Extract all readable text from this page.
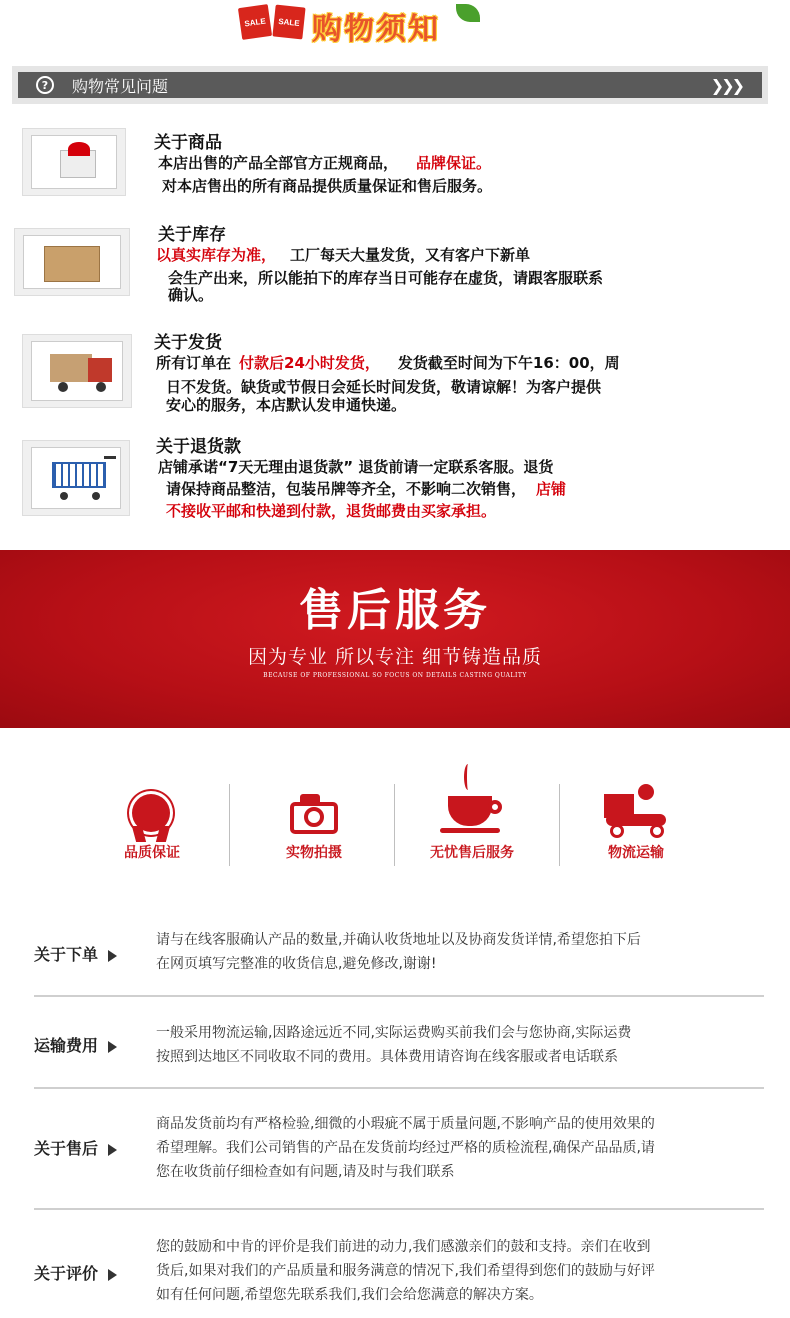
SALE	SALE 购物须知
?	购物常见问题	❯❯❯
关于商品
本店出售的产品全部官方正规商品， 品牌保证。
对本店售出的所有商品提供质量保证和售后服务。
关于库存
以真实库存为准， 工厂每天大量发货，又有客户下新单
会生产出来，所以能拍下的库存当日可能存在虚货，请跟客服联系
确认。
关于发货
所有订单在 付款后24小时发货， 发货截至时间为下午16：00，周
日不发货。缺货或节假日会延长时间发货，敬请谅解！为客户提供
安心的服务，本店默认发申通快递。
关于退货款
店铺承诺“7天无理由退货款” 退货前请一定联系客服。退货
请保持商品整洁，包装吊牌等齐全，不影响二次销售， 店铺
不接收平邮和快递到付款，退货邮费由买家承担。
售后服务
因为专业 所以专注 细节铸造品质
BECAUSE OF PROFESSIONAL SO FOCUS ON DETAILS CASTING QUALITY
品质保证	实物拍摄	无忧售后服务	物流运输
关于下单
请与在线客服确认产品的数量,并确认收货地址以及协商发货详情,希望您拍下后
在网页填写完整准的收货信息,避免修改,谢谢!
运输费用
一般采用物流运输,因路途远近不同,实际运费购买前我们会与您协商,实际运费
按照到达地区不同收取不同的费用。具体费用请咨询在线客服或者电话联系
关于售后
商品发货前均有严格检验,细微的小瑕疵不属于质量问题,不影响产品的使用效果的
希望理解。我们公司销售的产品在发货前均经过严格的质检流程,确保产品品质,请
您在收货前仔细检查如有问题,请及时与我们联系
关于评价
您的鼓励和中肯的评价是我们前进的动力,我们感激亲们的鼓和支持。亲们在收到
货后,如果对我们的产品质量和服务满意的情况下,我们希望得到您们的鼓励与好评
如有任何问题,希望您先联系我们,我们会给您满意的解决方案。
